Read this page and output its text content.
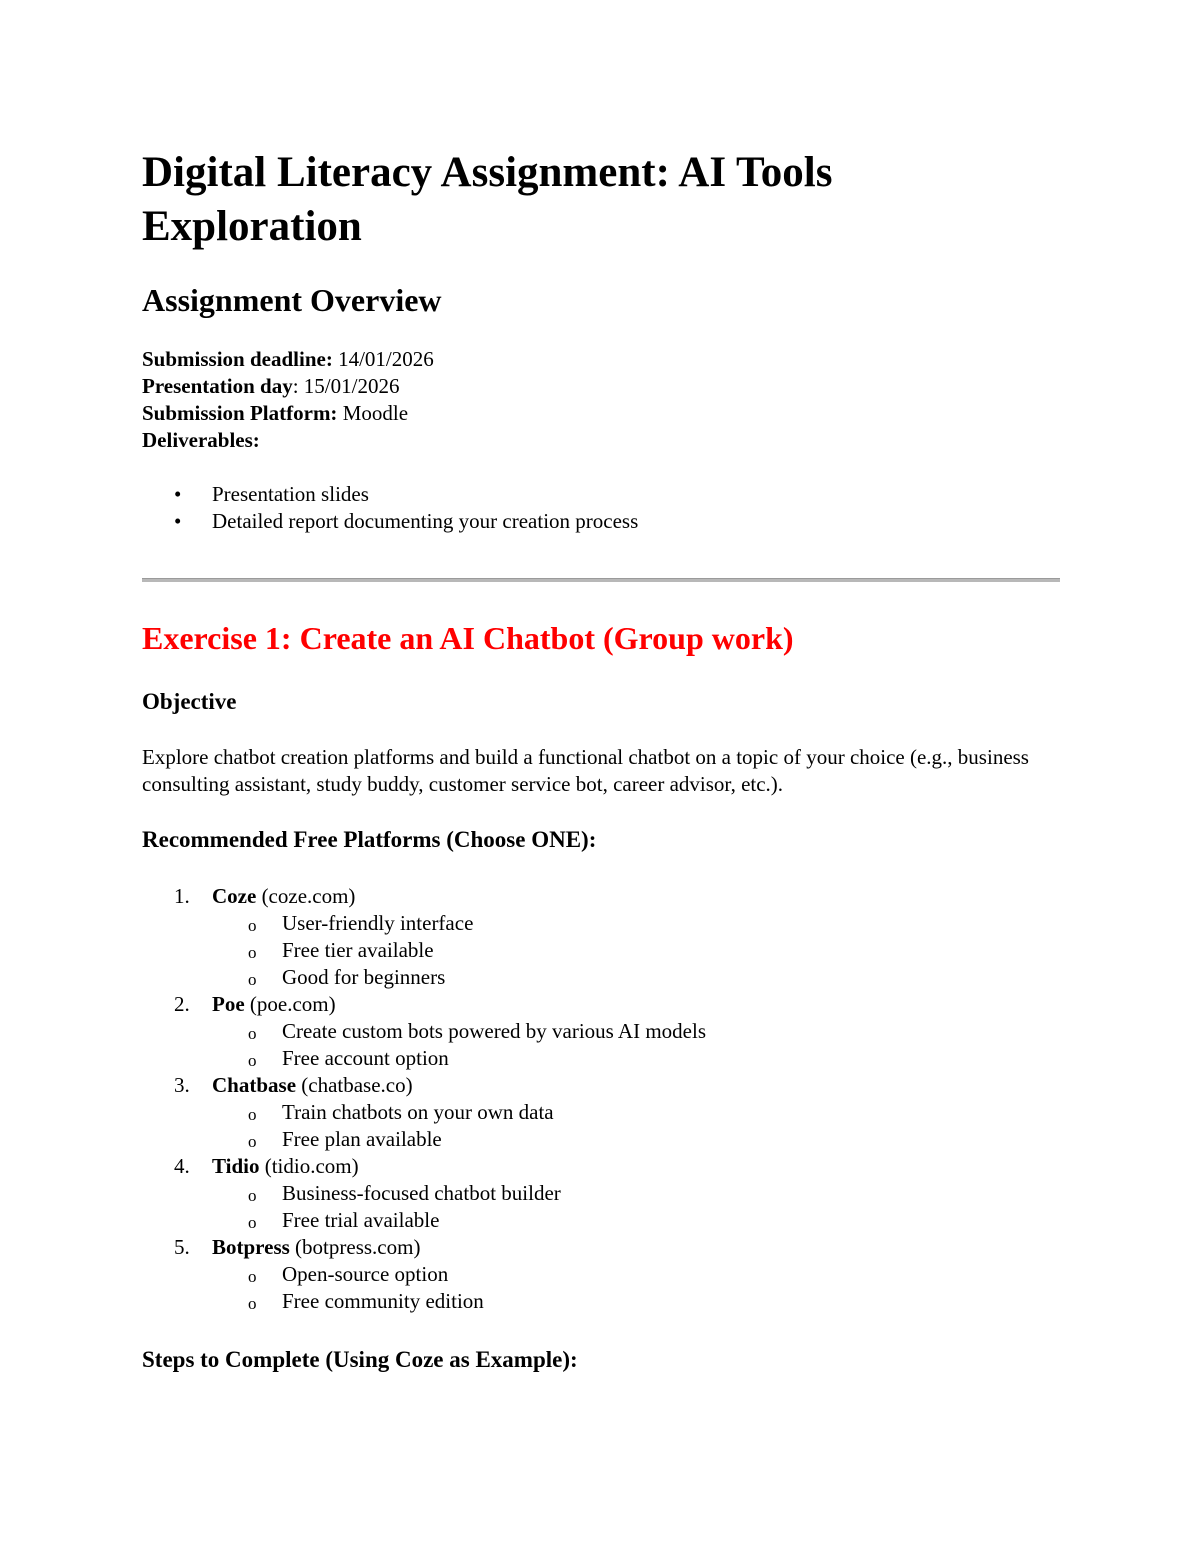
Digital Literacy Assignment: AI Tools Exploration
Assignment Overview
Submission deadline: 14/01/2026
Presentation day: 15/01/2026
Submission Platform: Moodle
Deliverables:
• Presentation slides
• Detailed report documenting your creation process
Exercise 1: Create an AI Chatbot (Group work)
Objective

Explore chatbot creation platforms and build a functional chatbot on a topic of your choice (e.g., business consulting assistant, study buddy, customer service bot, career advisor, etc.).

Recommended Free Platforms (Choose ONE):
1. Coze (coze.com)
o User-friendly interface
o Free tier available
o Good for beginners
2. Poe (poe.com)
o Create custom bots powered by various AI models
o Free account option
3. Chatbase (chatbase.co)
o Train chatbots on your own data
o Free plan available
4. Tidio (tidio.com)
o Business-focused chatbot builder
o Free trial available
5. Botpress (botpress.com)
o Open-source option
o Free community edition
Steps to Complete (Using Coze as Example):
